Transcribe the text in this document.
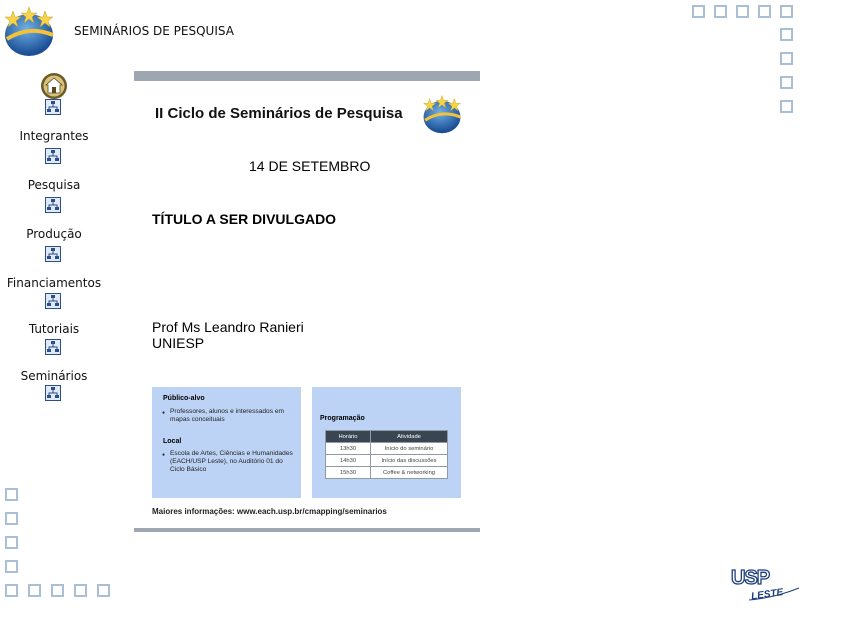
SEMINÁRIOS DE PESQUISA
Integrantes
Pesquisa
Produção
Financiamentos
Tutoriais
Seminários
II Ciclo de Seminários de Pesquisa
14 DE SETEMBRO
TÍTULO A SER DIVULGADO
Prof Ms Leandro Ranieri
UNIESP
Público-alvo
● Professores, alunos e interessados em mapas conceituais
Local
● Escola de Artes, Ciências e Humanidades (EACH/USP Leste), no Auditório 01 do Ciclo Básico
Programação
Horário	Atividade
13h30	Início do seminário
14h30	Início das discussões
15h30	Coffee & networking
Maiores informações: www.each.usp.br/cmapping/seminarios
USP
LESTE
